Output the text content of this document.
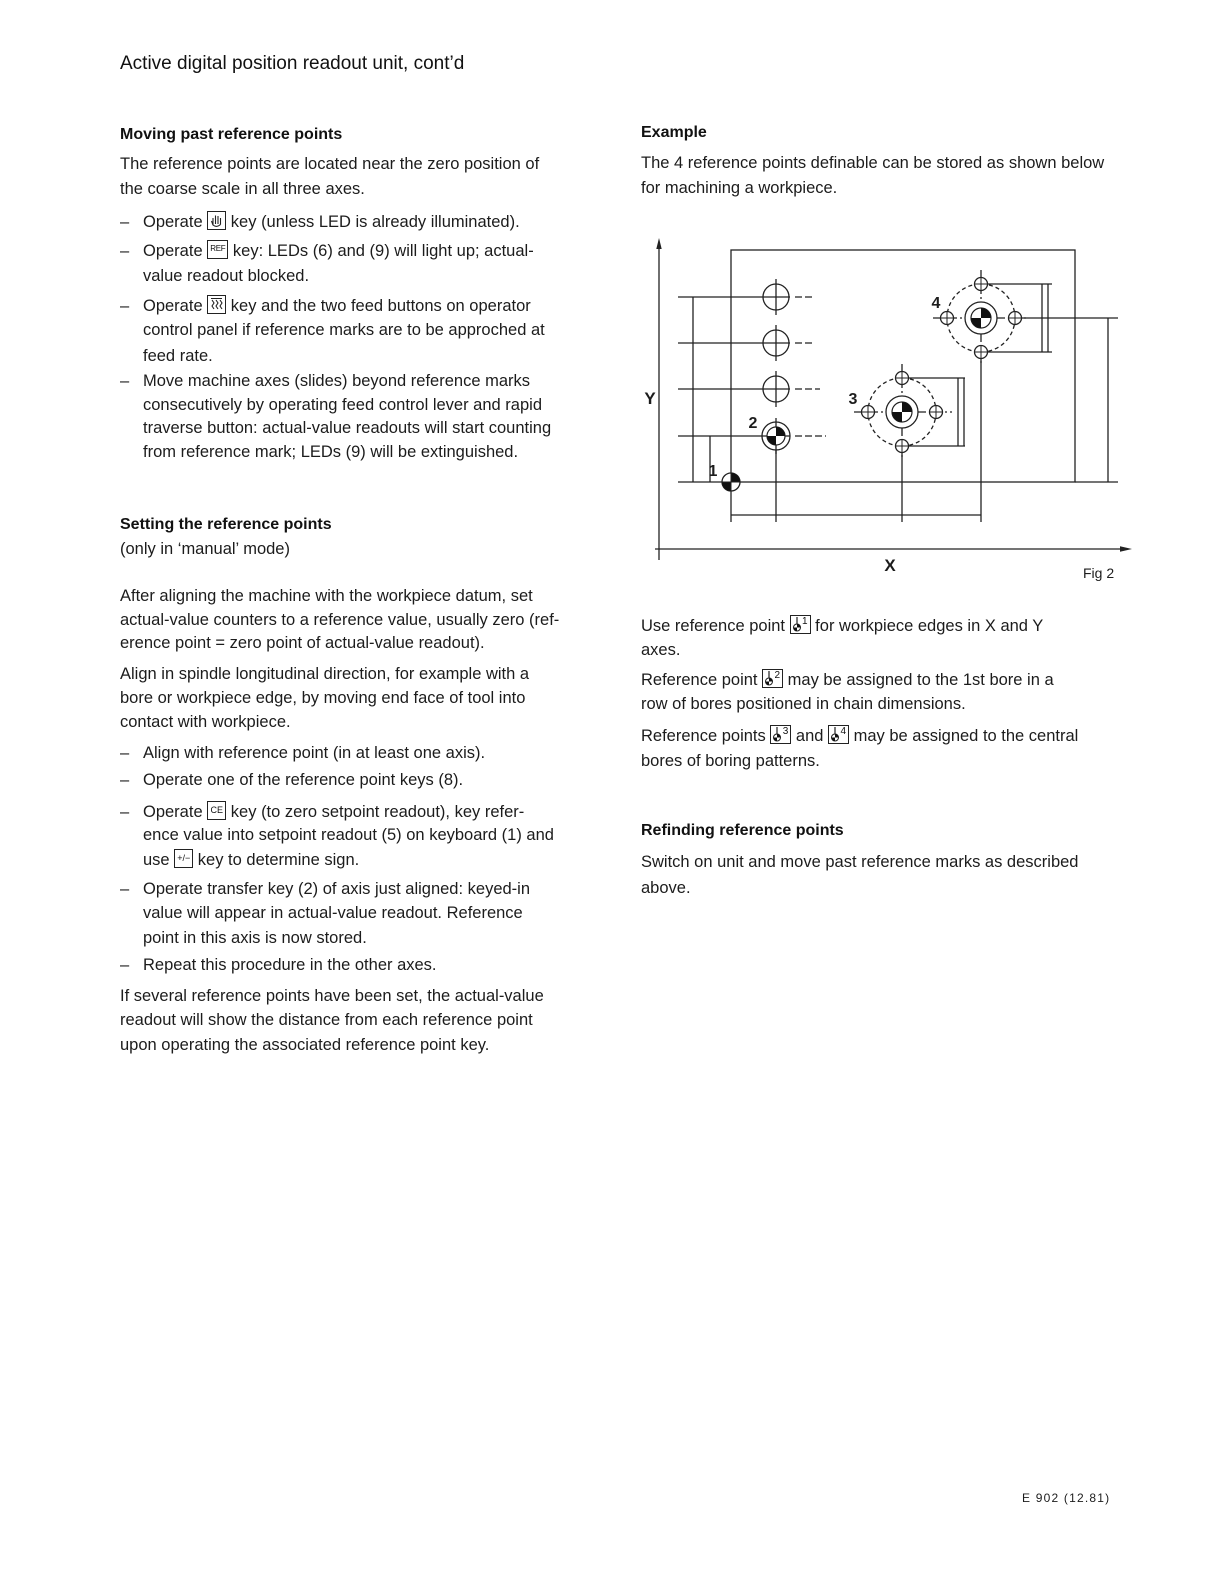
Active digital position readout unit, cont’d
Moving past reference points
The reference points are located near the zero position of
the coarse scale in all three axes.
– Operate
key (unless LED is already illuminated).
– Operate REF key: LEDs (6) and (9) will light up; actual-
value readout blocked.
– Operate
key and the two feed buttons on operator
control panel if reference marks are to be approched at
feed rate.
– Move machine axes (slides) beyond reference marks
consecutively by operating feed control lever and rapid
traverse button: actual-value readouts will start counting
from reference mark; LEDs (9) will be extinguished.
Setting the reference points
(only in ‘manual’ mode)
After aligning the machine with the workpiece datum, set
actual-value counters to a reference value, usually zero (ref-
erence point = zero point of actual-value readout).
Align in spindle longitudinal direction, for example with a
bore or workpiece edge, by moving end face of tool into
contact with workpiece.
– Align with reference point (in at least one axis).
– Operate one of the reference point keys (8).
– Operate CE key (to zero setpoint readout), key refer-
ence value into setpoint readout (5) on keyboard (1) and
use +/− key to determine sign.
– Operate transfer key (2) of axis just aligned: keyed-in
value will appear in actual-value readout. Reference
point in this axis is now stored.
– Repeat this procedure in the other axes.
If several reference points have been set, the actual-value
readout will show the distance from each reference point
upon operating the associated reference point key.
Example
The 4 reference points definable can be stored as shown below
for machining a workpiece.
1
2
3
4
Y
X	Fig 2
Use reference point 1 for workpiece edges in X and Y
axes.
Reference point 2 may be assigned to the 1st bore in a
row of bores positioned in chain dimensions.
Reference points 3 and 4 may be assigned to the central
bores of boring patterns.
Refinding reference points
Switch on unit and move past reference marks as described
above.
E 902 (12.81)
